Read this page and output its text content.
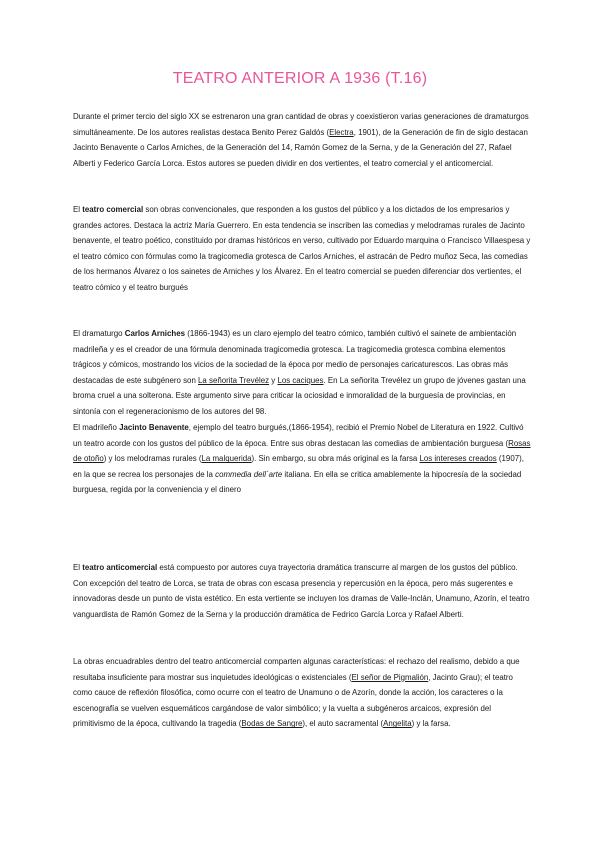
TEATRO ANTERIOR A 1936 (T.16)

Durante el primer tercio del siglo XX se estrenaron una gran cantidad de obras y coexistieron varias generaciones de dramaturgos simultáneamente. De los autores realistas destaca Benito Perez Galdós (Electra, 1901), de la Generación de fin de siglo destacan Jacinto Benavente o Carlos Arniches, de la Generación del 14, Ramón Gomez de la Serna, y de la Generación del 27, Rafael Alberti y Federico García Lorca. Estos autores se pueden dividir en dos vertientes, el teatro comercial y el anticomercial.

El teatro comercial son obras convencionales, que responden a los gustos del público y a los dictados de los empresarios y grandes actores. Destaca la actriz María Guerrero. En esta tendencia se inscriben las comedias y melodramas rurales de Jacinto benavente, el teatro poético, constituido por dramas históricos en verso, cultivado por Eduardo marquina o Francisco Villaespesa y el teatro cómico con fórmulas como la tragicomedia grotesca de Carlos Arniches, el astracán de Pedro muñoz Seca, las comedias de los hermanos Álvarez o los sainetes de Arniches y los Álvarez. En el teatro comercial se pueden diferenciar dos vertientes, el teatro cómico y el teatro burgués

El dramaturgo Carlos Arniches (1866-1943) es un claro ejemplo del teatro cómico, también cultivó el sainete de ambientación madrileña y es el creador de una fórmula denominada tragicomedia grotesca. La tragicomedia grotesca combina elementos trágicos y cómicos, mostrando los vicios de la sociedad de la época por medio de personajes caricaturescos. Las obras más destacadas de este subgénero son La señorita Trevélez y Los caciques. En La señorita Trevélez un grupo de jóvenes gastan una broma cruel a una solterona. Este argumento sirve para criticar la ociosidad e inmoralidad de la burguesía de provincias, en sintonía con el regeneracionismo de los autores del 98.

El madrileño Jacinto Benavente, ejemplo del teatro burgués,(1866-1954), recibió el Premio Nobel de Literatura en 1922. Cultivó un teatro acorde con los gustos del público de la época. Entre sus obras destacan las comedias de ambientación burguesa (Rosas de otoño) y los melodramas rurales (La malquerida). Sin embargo, su obra más original es la farsa Los intereses creados (1907), en la que se recrea los personajes de la commedia dell´arte italiana. En ella se critica amablemente la hipocresía de la sociedad burguesa, regida por la conveniencia y el dinero

El teatro anticomercial está compuesto por autores cuya trayectoria dramática transcurre al margen de los gustos del público. Con excepción del teatro de Lorca, se trata de obras con escasa presencia y repercusión en la época, pero más sugerentes e innovadoras desde un punto de vista estético. En esta vertiente se incluyen los dramas de Valle-Inclán, Unamuno, Azorín, el teatro vanguardista de Ramón Gomez de la Serna y la producción dramática de Fedrico García Lorca y Rafael Alberti.

La obras encuadrables dentro del teatro anticomercial comparten algunas características: el rechazo del realismo, debido a que resultaba insuficiente para mostrar sus inquietudes ideológicas o existenciales (El señor de Pigmalión, Jacinto Grau); el teatro como cauce de reflexión filosófica, como ocurre con el teatro de Unamuno o de Azorín, donde la acción, los caracteres o la escenografía se vuelven esquemáticos cargándose de valor simbólico; y la vuelta a subgéneros arcaicos, expresión del primitivismo de la época, cultivando la tragedia (Bodas de Sangre), el auto sacramental (Angelita) y la farsa.
